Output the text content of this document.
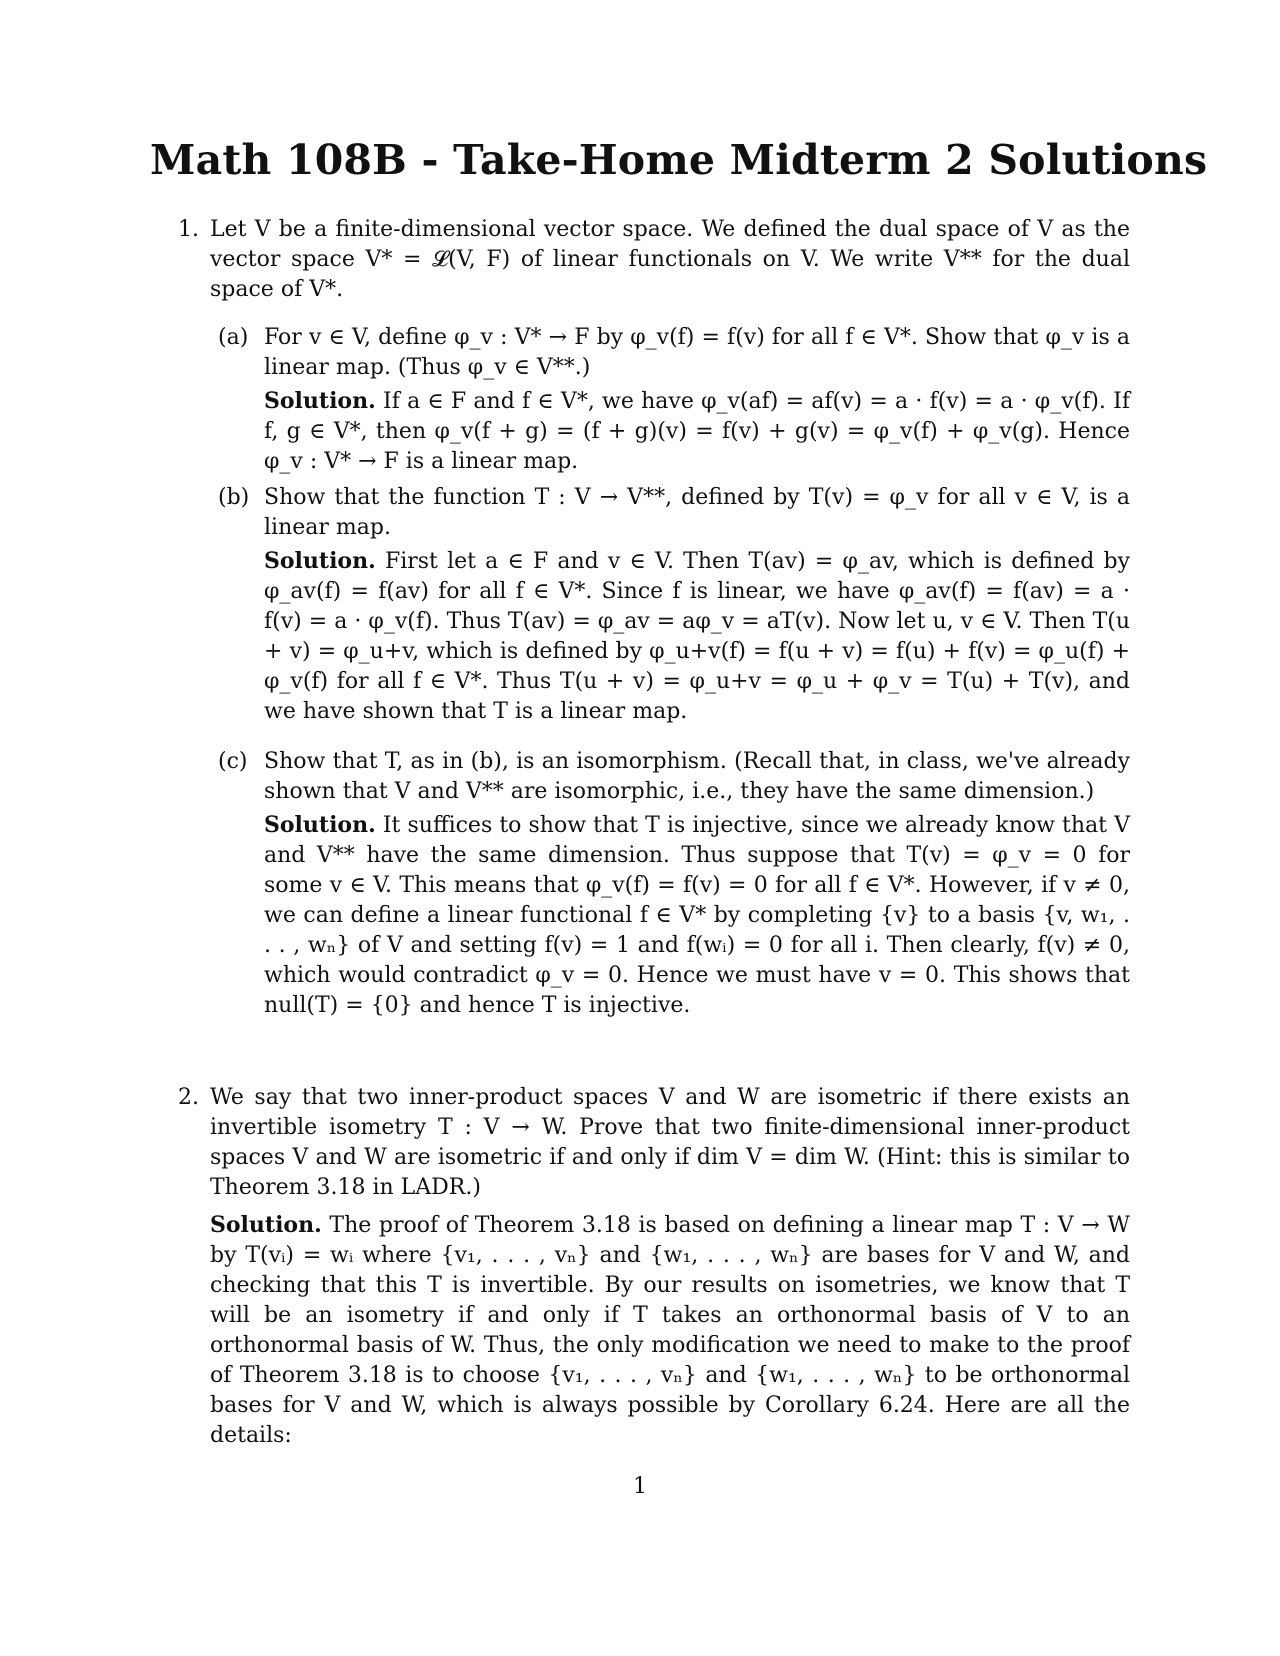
Math 108B - Take-Home Midterm 2 Solutions
1. Let V be a finite-dimensional vector space. We defined the dual space of V as the vector space V* = 𝓛(V, F) of linear functionals on V. We write V** for the dual space of V*.
(a) For v ∈ V, define φ_v : V* → F by φ_v(f) = f(v) for all f ∈ V*. Show that φ_v is a linear map. (Thus φ_v ∈ V**.)
Solution. If a ∈ F and f ∈ V*, we have φ_v(af) = af(v) = a · f(v) = a · φ_v(f). If f, g ∈ V*, then φ_v(f + g) = (f + g)(v) = f(v) + g(v) = φ_v(f) + φ_v(g). Hence φ_v : V* → F is a linear map.
(b) Show that the function T : V → V**, defined by T(v) = φ_v for all v ∈ V, is a linear map.
Solution. First let a ∈ F and v ∈ V. Then T(av) = φ_av, which is defined by φ_av(f) = f(av) for all f ∈ V*. Since f is linear, we have φ_av(f) = f(av) = a · f(v) = a · φ_v(f). Thus T(av) = φ_av = aφ_v = aT(v). Now let u, v ∈ V. Then T(u + v) = φ_u+v, which is defined by φ_u+v(f) = f(u + v) = f(u) + f(v) = φ_u(f) + φ_v(f) for all f ∈ V*. Thus T(u + v) = φ_u+v = φ_u + φ_v = T(u) + T(v), and we have shown that T is a linear map.
(c) Show that T, as in (b), is an isomorphism. (Recall that, in class, we've already shown that V and V** are isomorphic, i.e., they have the same dimension.)
Solution. It suffices to show that T is injective, since we already know that V and V** have the same dimension. Thus suppose that T(v) = φ_v = 0 for some v ∈ V. This means that φ_v(f) = f(v) = 0 for all f ∈ V*. However, if v ≠ 0, we can define a linear functional f ∈ V* by completing {v} to a basis {v, w₁, . . . , wₙ} of V and setting f(v) = 1 and f(wᵢ) = 0 for all i. Then clearly, f(v) ≠ 0, which would contradict φ_v = 0. Hence we must have v = 0. This shows that null(T) = {0} and hence T is injective.
2. We say that two inner-product spaces V and W are isometric if there exists an invertible isometry T : V → W. Prove that two finite-dimensional inner-product spaces V and W are isometric if and only if dim V = dim W. (Hint: this is similar to Theorem 3.18 in LADR.)
Solution. The proof of Theorem 3.18 is based on defining a linear map T : V → W by T(vᵢ) = wᵢ where {v₁, . . . , vₙ} and {w₁, . . . , wₙ} are bases for V and W, and checking that this T is invertible. By our results on isometries, we know that T will be an isometry if and only if T takes an orthonormal basis of V to an orthonormal basis of W. Thus, the only modification we need to make to the proof of Theorem 3.18 is to choose {v₁, . . . , vₙ} and {w₁, . . . , wₙ} to be orthonormal bases for V and W, which is always possible by Corollary 6.24. Here are all the details:
1
